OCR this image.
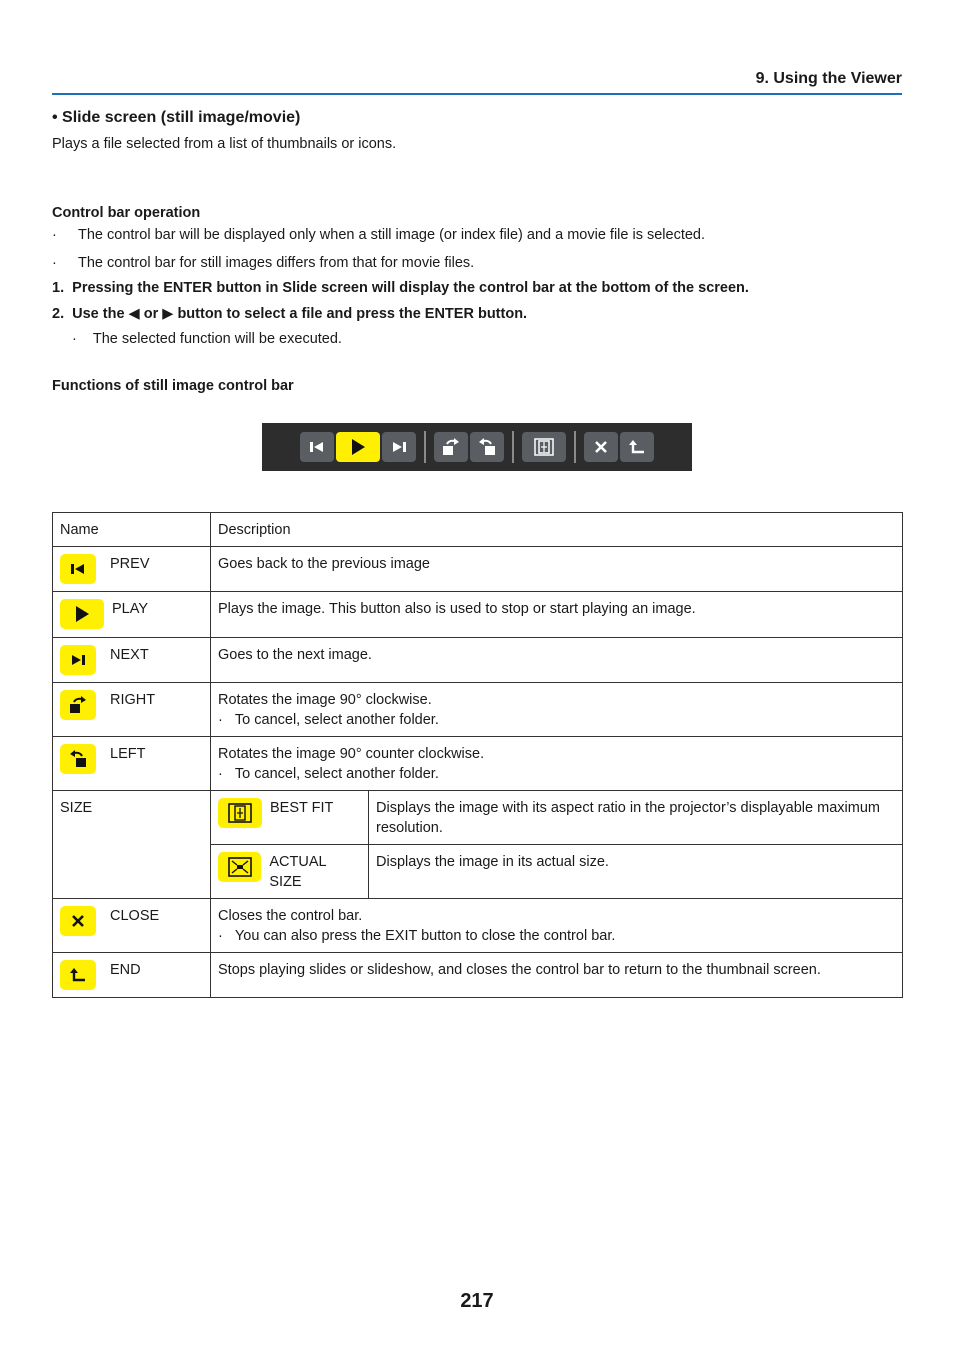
9. Using the Viewer
• Slide screen (still image/movie)
Plays a file selected from a list of thumbnails or icons.
Control bar operation
· The control bar will be displayed only when a still image (or index file) and a movie file is selected.
· The control bar for still images differs from that for movie files.
1.  Pressing the ENTER button in Slide screen will display the control bar at the bottom of the screen.
2.  Use the ◀ or ▶ button to select a file and press the ENTER button.
· The selected function will be executed.
Functions of still image control bar
Name	Description	

PREV	Goes back to the previous image	

PLAY	Plays the image. This button also is used to stop or start playing an image.	

NEXT	Goes to the next image.	

RIGHT	Rotates the image 90° clockwise.
·   To cancel, select another folder.	

LEFT	Rotates the image 90° counter clockwise.
·   To cancel, select another folder.	

SIZE	BEST FIT	Displays the image with its aspect ratio in the projector’s displayable maximum resolution.

	ACTUAL SIZE	Displays the image in its actual size.

CLOSE	Closes the control bar.
·   You can also press the EXIT button to close the control bar.	

END	Stops playing slides or slideshow, and closes the control bar to return to the thumbnail screen.	
217
